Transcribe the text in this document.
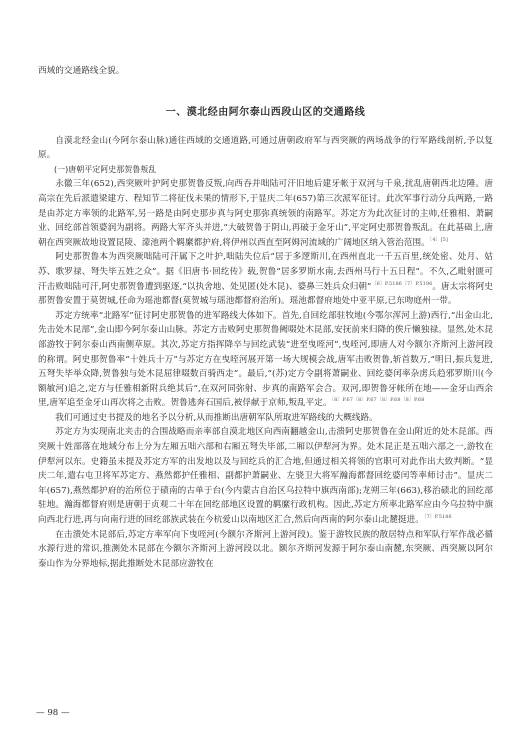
西域的交通路线全貌。

一、漠北经由阿尔泰山西段山区的交通路线

自漠北经金山(今阿尔泰山脉)通往西域的交通道路,可通过唐朝政府军与西突厥的两场战争的行军路线剖析,予以复原。

(一)唐朝平定阿史那贺鲁叛乱

永徽三年(652),西突厥叶护阿史那贺鲁反叛,向西吞并咄陆可汗旧地后建牙帐于双河与千泉,扰乱唐朝西北边陲。唐高宗在先后派遣梁建方、程知节二将征伐未果的情形下,于显庆二年(657)第三次派军征讨。此次军事行动分兵两路,一路是由苏定方率领的北路军,另一路是由阿史那步真与阿史那弥真统领的南路军。苏定方为此次征讨的主帅,任雅相、萧嗣业、回纥部首领婆润为副将。两路大军齐头并进,“大破贺鲁于阴山,再破于金牙山”,平定阿史那贺鲁叛乱。在此基础上,唐朝在西突厥故地设置昆陵、濛池两个羁縻都护府,将伊州以西直至阿姆河流域的广阔地区纳入管治范围。$^{〔4〕[5]}$

阿史那贺鲁本为西突厥咄陆可汗属下之叶护,咄陆失位后“居于多逻斯川,在西州直北一千五百里,统处密、处月、姑苏、歌罗禄、弩失毕五姓之众”。据《旧唐书·回纥传》载,贺鲁“居多罗斯水南,去西州马行十五日程”。不久,乙毗射匮可汗击败咄陆可汗,阿史那贺鲁遭到驱逐,“以执舍地、处见匿(处木昆)、婆鼻三姓兵众归朝”$^{〔6〕P.5186〔7〕P.5196}$。唐太宗将阿史那贺鲁安置于莫贺城,任命为瑶池都督(莫贺城与瑶池都督府治所)。瑶池都督府地处中亚平原,已东吻庭州一带。

苏定方统率“北路军”征讨阿史那贺鲁的进军路线大体如下。首先,自回纥部驻牧地(今鄂尔浑河上游)西行,“出金山北,先击处木昆部”,金山即今阿尔泰山山脉。苏定方击败阿史那贺鲁阙啜处木昆部,安抚前来归降的俟斤懒独禄。显然,处木昆部游牧于阿尔泰山西南侧草原。其次,苏定方指挥降卒与回纥武装“进至曳咥河”,曳咥河,即唐人对今额尔齐斯河上游河段的称谓。阿史那贺鲁率“十姓兵十万”与苏定方在曳咥河展开第一场大规模会战,唐军击败贺鲁,斩首数万,“明日,振兵复进,五弩失毕举众降,贺鲁独与处木昆屈律啜数百骑西走”。最后,“(苏)定方令副将萧嗣业、回纥婆闰率杂虏兵趋邪罗斯川(今额敏河)追之,定方与任雅相新附兵绝其后”,在双河同弥射、步真的南路军会合。双河,即贺鲁牙帐所在地——金牙山西余里,唐军追至金牙山再次将之击败。贺鲁逃奔石国后,被俘献于京师,叛乱平定。$^{〔8〕P.67〔8〕P.67〔8〕P.68〔8〕P.68}$

我们可通过史书提及的地名予以分析,从而推断出唐朝军队所取进军路线的大概线路。

苏定方为实现南北夹击的合围战略而亲率部自漠北地区向西南翻越金山,击溃阿史那贺鲁在金山附近的处木昆部。西突厥十姓部落在地域分布上分为左厢五咄六部和右厢五弩失毕部,二厢以伊犁河为界。处木昆正是五咄六部之一,游牧在伊犁河以东。史籍虽未提及苏定方军的出发地以及与回纥兵的汇合地,但通过相关将领的官职可对此作出大致判断。“显庆二年,遣右屯卫将军苏定方、燕然都护任雅相、副都护萧嗣业、左骁卫大将军瀚海都督回纥婆闰等率师讨击”。显庆二年(657),燕然都护府的治所位于碛南的古单于台(今内蒙古自治区乌拉特中旗西南部);龙朔三年(663),移治碛北的回纥部驻地。瀚海都督府则是唐朝于贞观二十年在回纥部地区设置的羁縻行政机构。因此,苏定方所率北路军应由今乌拉特中旗向西北行进,再与向南行进的回纥部族武装在今杭爱山以南地区汇合,然后向西南的阿尔泰山北麓挺进。$^{〔7〕P.5186}$

在击溃处木昆部后,苏定方率军向下曳咥河(今额尔齐斯河上游河段)。鉴于游牧民族的散居特点和军队行军作战必循水源行进的常识,推测处木昆部在今额尔齐斯河上游河段以北。额尔齐斯河发源于阿尔泰山南麓,东突厥、西突厥以阿尔泰山作为分界地标,据此推断处木昆部应游牧在

— 98 —
